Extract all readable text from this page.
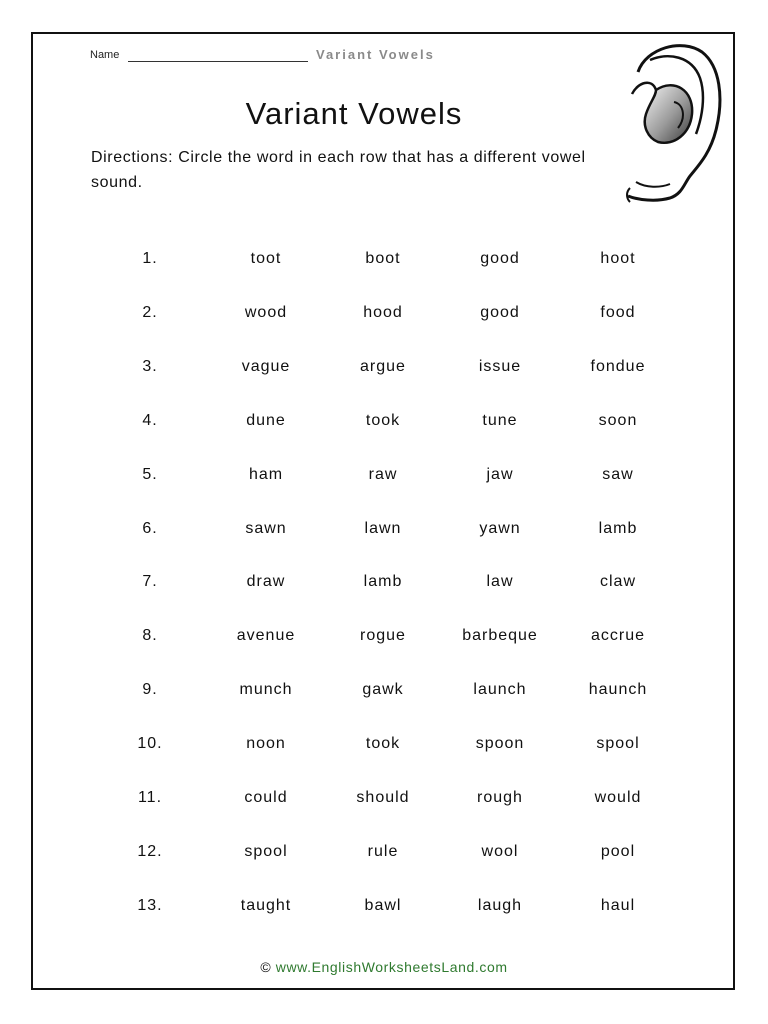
Name	Variant Vowels
Variant Vowels
Directions: Circle the word in each row that has a different vowel sound.
1.	toot	boot	good	hoot
2.	wood	hood	good	food
3.	vague	argue	issue	fondue
4.	dune	took	tune	soon
5.	ham	raw	jaw	saw
6.	sawn	lawn	yawn	lamb
7.	draw	lamb	law	claw
8.	avenue	rogue	barbeque	accrue
9.	munch	gawk	launch	haunch
10.	noon	took	spoon	spool
11.	could	should	rough	would
12.	spool	rule	wool	pool
13.	taught	bawl	laugh	haul
© www.EnglishWorksheetsLand.com
